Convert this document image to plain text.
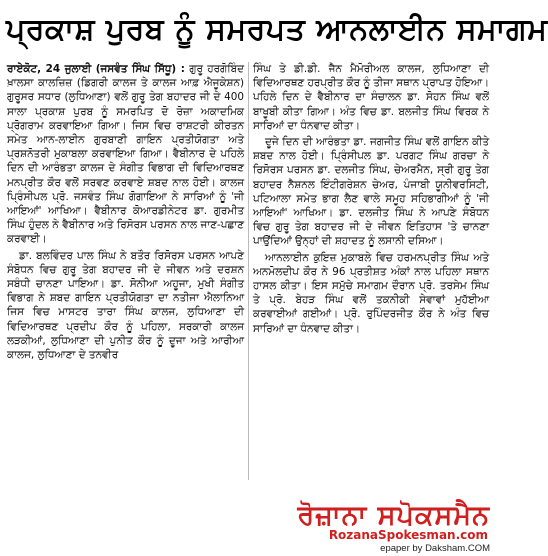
ਪ੍ਰਕਾਸ਼ ਪੁਰਬ ਨੂੰ ਸਮਰਪਤ ਆਨਲਾਈਨ ਸਮਾਗਮ

ਰਾਏਕੋਟ, 24 ਜੁਲਾਈ (ਜਸਵੰਤ ਸਿੰਘ ਸਿੱਧੂ) : ਗੁਰੂ ਹਰਗੋਬਿੰਦ ਖ਼ਾਲਸਾ ਕਾਲਜ਼ਿਜ਼ (ਡਿਗਰੀ ਕਾਲਜ ਤੇ ਕਾਲਜ ਆਫ਼ ਐਜੂਕੇਸ਼ਨ) ਗੁਰੂਸਰ ਸਧਾਰ (ਲੁਧਿਆਣਾ) ਵਲੋਂ ਗੁਰੂ ਤੇਗ ਬਹਾਦਰ ਜੀ ਦੇ 400 ਸਾਲਾ ਪ੍ਰਕਾਸ਼ ਪੁਰਬ ਨੂੰ ਸਮਰਪਿਤ ਦੋ ਰੋਜ਼ਾ ਅਕਾਦਮਿਕ ਪ੍ਰੋਗਰਾਮ ਕਰਵਾਇਆ ਗਿਆ। ਜਿਸ ਵਿਚ ਰਾਸ਼ਟਰੀ ਕੀਰਤਨ ਸਮੇਤ ਆਨ-ਲਾਈਨ ਗੁਰਬਾਣੀ ਗਾਇਨ ਪ੍ਰਤੀਯੋਗਤਾ ਅਤੇ ਪ੍ਰਸ਼ਨੋਤਰੀ ਮੁਕਾਬਲਾ ਕਰਵਾਇਆ ਗਿਆ। ਵੈਬੀਨਾਰ ਦੇ ਪਹਿਲੇ ਦਿਨ ਦੀ ਆਰੰਭਤਾ ਕਾਲਜ ਦੇ ਸੰਗੀਤ ਵਿਭਾਗ ਦੀ ਵਿਦਿਆਰਥਣ ਮਨਪ੍ਰੀਤ ਕੌਰ ਵਲੋਂ ਸਰਵਣ ਕਰਵਾਏ ਸ਼ਬਦ ਨਾਲ ਹੋਈ। ਕਾਲਜ ਪ੍ਰਿੰਸੀਪਲ ਪ੍ਰੋ. ਜਸਵੰਤ ਸਿੰਘ ਗੋਗਾਇਆ ਨੇ ਸਾਰਿਆਂ ਨੂੰ 'ਜੀ ਆਇਆਂ' ਆਖਿਆ। ਵੈਬੀਨਾਰ ਕੋਆਰਡੀਨੇਟਰ ਡਾ. ਗੁਰਮੀਤ ਸਿੰਘ ਹੁੰਦਲ ਨੇ ਵੈਬੀਨਾਰ ਅਤੇ ਰਿਸੋਰਸ ਪਰਸਨ ਨਾਲ ਜਾਣ-ਪਛਾਣ ਕਰਵਾਈ।

ਡਾ. ਬਲਵਿੰਦਰ ਪਾਲ ਸਿੰਘ ਨੇ ਬਤੌਰ ਰਿਸੋਰਸ ਪਰਸਨ ਆਪਣੇ ਸੰਬੋਧਨ ਵਿਚ ਗੁਰੂ ਤੇਗ ਬਹਾਦਰ ਜੀ ਦੇ ਜੀਵਨ ਅਤੇ ਦਰਸ਼ਨ ਸਬੰਧੀ ਚਾਨਣਾ ਪਾਇਆ। ਡਾ. ਸੋਨੀਆ ਅਹੂਜਾ, ਮੁਖੀ ਸੰਗੀਤ ਵਿਭਾਗ ਨੇ ਸ਼ਬਦ ਗਾਇਨ ਪ੍ਰਤੀਯੋਗਤਾ ਦਾ ਨਤੀਜਾ ਐਲਾਨਿਆ ਜਿਸ ਵਿਚ ਮਾਸਟਰ ਤਾਰਾ ਸਿੰਘ ਕਾਲਜ, ਲੁਧਿਆਣਾ ਦੀ ਵਿਦਿਆਰਥਣ ਪ੍ਰਦੀਪ ਕੌਰ ਨੂੰ ਪਹਿਲਾ, ਸਰਕਾਰੀ ਕਾਲਜ ਲੜਕੀਆਂ, ਲੁਧਿਆਣਾ ਦੀ ਪੁਨੀਤ ਕੌਰ ਨੂੰ ਦੂਜਾ ਅਤੇ ਆਰੀਆ ਕਾਲਜ, ਲੁਧਿਆਣਾ ਦੇ ਤਨਵੀਰ

ਸਿੰਘ ਤੇ ਡੀ.ਡੀ. ਜੈਨ ਮੈਮੋਰੀਅਲ ਕਾਲਜ, ਲੁਧਿਆਣਾ ਦੀ ਵਿਦਿਆਰਥਣ ਹਰਪ੍ਰੀਤ ਕੌਰ ਨੂੰ ਤੀਜਾ ਸਥਾਨ ਪ੍ਰਾਪਤ ਹੋਇਆ। ਪਹਿਲੇ ਦਿਨ ਦੇ ਵੈਬੀਨਾਰ ਦਾ ਸੰਚਾਲਨ ਡਾ. ਸੋਹਨ ਸਿੰਘ ਵਲੋਂ ਬਾਖੂਬੀ ਕੀਤਾ ਗਿਆ। ਅੰਤ ਵਿਚ ਡਾ. ਬਲਜੀਤ ਸਿੰਘ ਵਿਰਕ ਨੇ ਸਾਰਿਆਂ ਦਾ ਧੰਨਵਾਦ ਕੀਤਾ।

ਦੂਜੇ ਦਿਨ ਦੀ ਆਰੰਭਤਾ ਡਾ. ਜਗਜੀਤ ਸਿੰਘ ਵਲੋਂ ਗਾਇਨ ਕੀਤੇ ਸ਼ਬਦ ਨਾਲ ਹੋਈ। ਪ੍ਰਿੰਸੀਪਲ ਡਾ. ਪਰਗਟ ਸਿੰਘ ਗਰਚਾ ਨੇ ਰਿਸੋਰਸ ਪਰਸਨ ਡਾ. ਦਲਜੀਤ ਸਿੰਘ, ਚੇਅਰਮੈਨ, ਸ੍ਰੀ ਗੁਰੂ ਤੇਗ ਬਹਾਦਰ ਨੈਸ਼ਨਲ ਇੰਟੀਗਰੇਸ਼ਨ ਚੇਅਰ, ਪੰਜਾਬੀ ਯੂਨੀਵਰਸਿਟੀ, ਪਟਿਆਲਾ ਸਮੇਤ ਭਾਗ ਲੈਣ ਵਾਲੇ ਸਮੂਹ ਸਹਿਭਾਗੀਆਂ ਨੂੰ 'ਜੀ ਆਇਆਂ' ਆਖਿਆ। ਡਾ. ਦਲਜੀਤ ਸਿੰਘ ਨੇ ਆਪਣੇ ਸੰਬੋਧਨ ਵਿਚ ਗੁਰੂ ਤੇਗ ਬਹਾਦਰ ਜੀ ਦੇ ਜੀਵਨ ਇਤਿਹਾਸ 'ਤੇ ਚਾਨਣਾ ਪਾਉਂਦਿਆਂ ਉਨ੍ਹਾਂ ਦੀ ਸ਼ਹਾਦਤ ਨੂੰ ਲਸਾਨੀ ਦਸਿਆ।

ਆਨਲਾਈਨ ਕੁਇਜ਼ ਮੁਕਾਬਲੇ ਵਿਚ ਹਰਮਨਪ੍ਰੀਤ ਸਿੰਘ ਅਤੇ ਅਨਮੋਲਦੀਪ ਕੌਰ ਨੇ 96 ਪ੍ਰਤੀਸ਼ਤ ਅੰਕਾਂ ਨਾਲ ਪਹਿਲਾ ਸਥਾਨ ਹਾਸਲ ਕੀਤਾ। ਇਸ ਸਮੁੱਚੇ ਸਮਾਗਮ ਦੌਰਾਨ ਪ੍ਰੋ. ਤਰਸੇਮ ਸਿੰਘ ਤੇ ਪ੍ਰੋ. ਬੇਹੜ ਸਿੰਘ ਵਲੋਂ ਤਕਨੀਕੀ ਸੇਵਾਵਾਂ ਮੁਹੱਈਆ ਕਰਵਾਈਆਂ ਗਈਆਂ। ਪ੍ਰੋ. ਰੁਪਿੰਦਰਜੀਤ ਕੌਰ ਨੇ ਅੰਤ ਵਿਚ ਸਾਰਿਆਂ ਦਾ ਧੰਨਵਾਦ ਕੀਤਾ।

ਰੋਜ਼ਾਨਾ ਸਪੋਕਸਮੈਨ
RozanaSpokesman.com
epaper by Daksham.COM
